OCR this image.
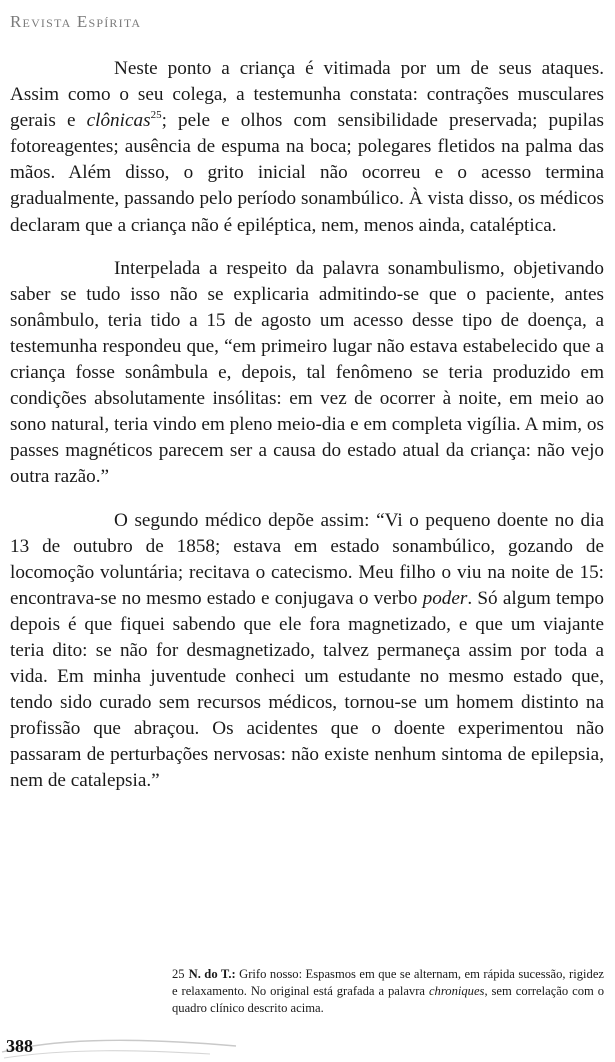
Revista Espírita

Neste ponto a criança é vitimada por um de seus ataques. Assim como o seu colega, a testemunha constata: contrações musculares gerais e clônicas$^{25}$; pele e olhos com sensibilidade preservada; pupilas fotoreagentes; ausência de espuma na boca; polegares fletidos na palma das mãos. Além disso, o grito inicial não ocorreu e o acesso termina gradualmente, passando pelo período sonambúlico. À vista disso, os médicos declaram que a criança não é epiléptica, nem, menos ainda, cataléptica.

Interpelada a respeito da palavra sonambulismo, objetivando saber se tudo isso não se explicaria admitindo-se que o paciente, antes sonâmbulo, teria tido a 15 de agosto um acesso desse tipo de doença, a testemunha respondeu que, “em primeiro lugar não estava estabelecido que a criança fosse sonâmbula e, depois, tal fenômeno se teria produzido em condições absolutamente insólitas: em vez de ocorrer à noite, em meio ao sono natural, teria vindo em pleno meio-dia e em completa vigília. A mim, os passes magnéticos parecem ser a causa do estado atual da criança: não vejo outra razão.”

O segundo médico depõe assim: “Vi o pequeno doente no dia 13 de outubro de 1858; estava em estado sonambúlico, gozando de locomoção voluntária; recitava o catecismo. Meu filho o viu na noite de 15: encontrava-se no mesmo estado e conjugava o verbo poder. Só algum tempo depois é que fiquei sabendo que ele fora magnetizado, e que um viajante teria dito: se não for desmagnetizado, talvez permaneça assim por toda a vida. Em minha juventude conheci um estudante no mesmo estado que, tendo sido curado sem recursos médicos, tornou-se um homem distinto na profissão que abraçou. Os acidentes que o doente experimentou não passaram de perturbações nervosas: não existe nenhum sintoma de epilepsia, nem de catalepsia.”

25 N. do T.: Grifo nosso: Espasmos em que se alternam, em rápida sucessão, rigidez e relaxamento. No original está grafada a palavra chroniques, sem correlação com o quadro clínico descrito acima.
388
